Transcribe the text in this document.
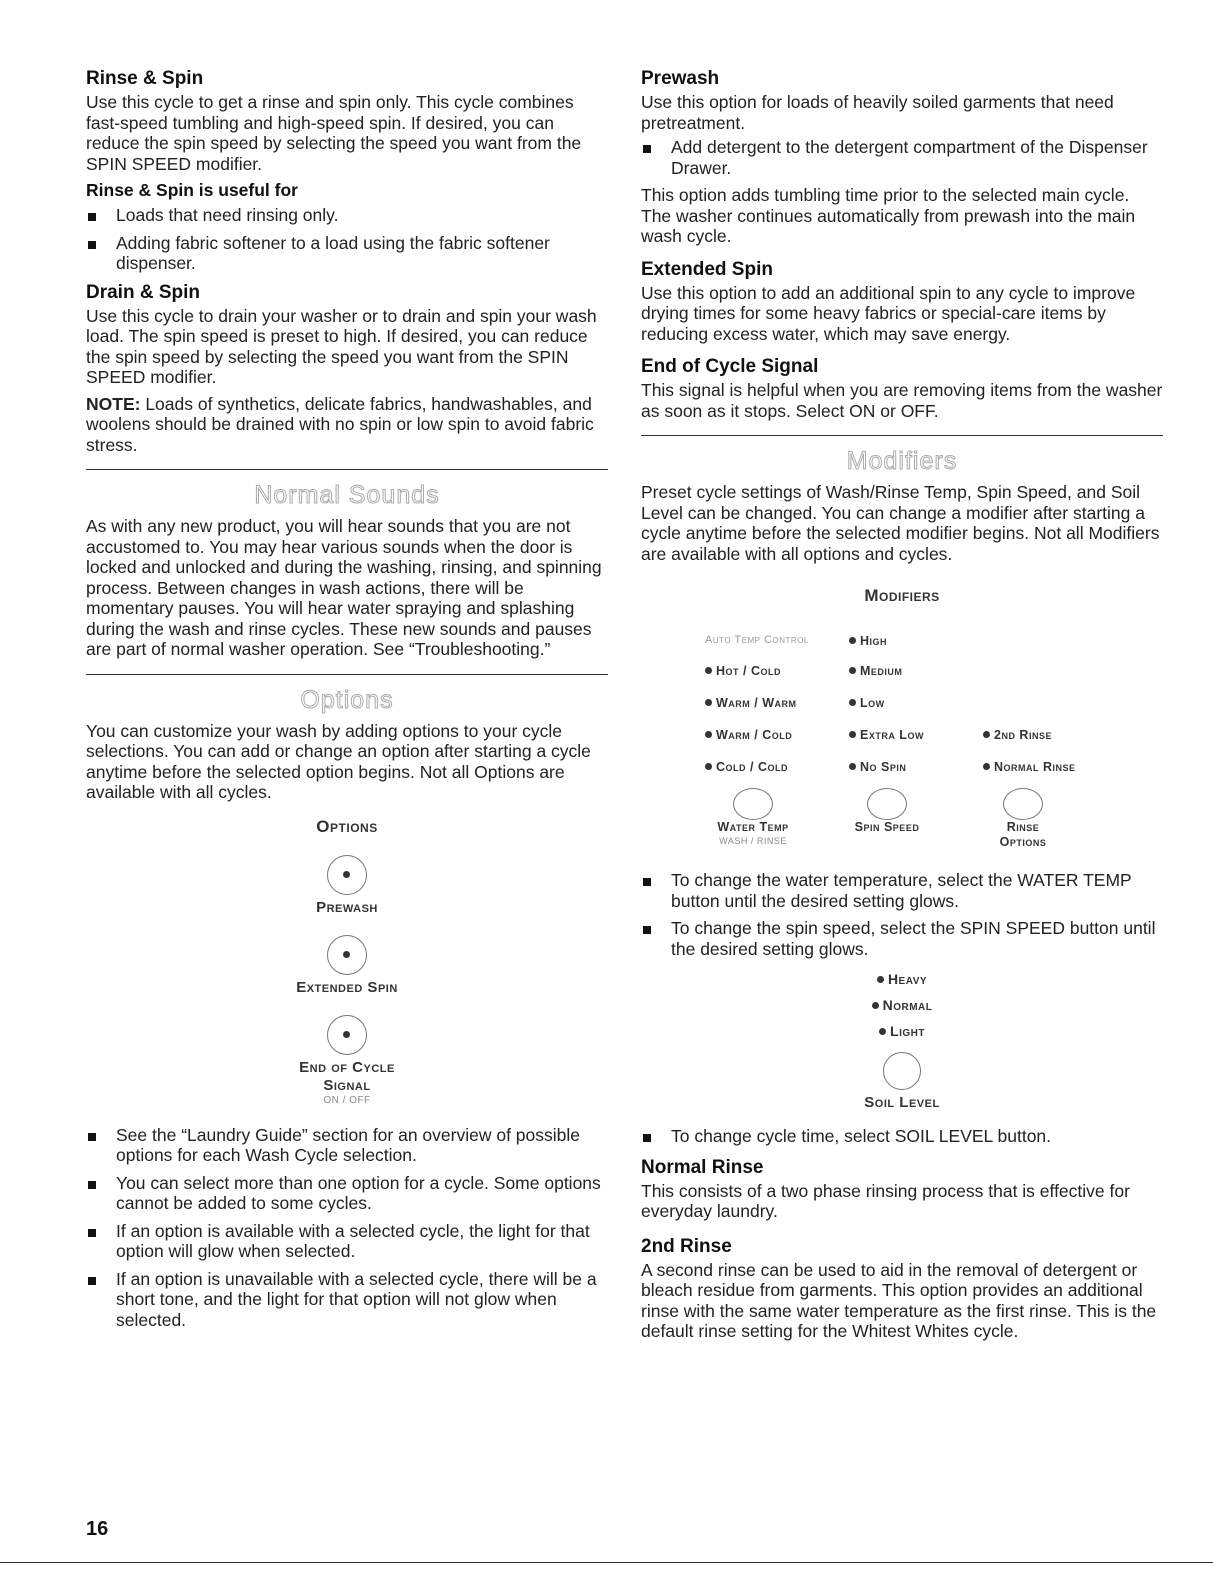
Rinse & Spin

Use this cycle to get a rinse and spin only. This cycle combines fast-speed tumbling and high-speed spin. If desired, you can reduce the spin speed by selecting the speed you want from the SPIN SPEED modifier.

Rinse & Spin is useful for
Loads that need rinsing only.
Adding fabric softener to a load using the fabric softener dispenser.
Drain & Spin

Use this cycle to drain your washer or to drain and spin your wash load. The spin speed is preset to high. If desired, you can reduce the spin speed by selecting the speed you want from the SPIN SPEED modifier.

NOTE: Loads of synthetics, delicate fabrics, handwashables, and woolens should be drained with no spin or low spin to avoid fabric stress.

Normal Sounds

As with any new product, you will hear sounds that you are not accustomed to. You may hear various sounds when the door is locked and unlocked and during the washing, rinsing, and spinning process. Between changes in wash actions, there will be momentary pauses. You will hear water spraying and splashing during the wash and rinse cycles. These new sounds and pauses are part of normal washer operation. See “Troubleshooting.”

Options

You can customize your wash by adding options to your cycle selections. You can add or change an option after starting a cycle anytime before the selected option begins. Not all Options are available with all cycles.

Options
Prewash
Extended Spin
End of Cycle
Signal
ON / OFF
See the “Laundry Guide” section for an overview of possible options for each Wash Cycle selection.
You can select more than one option for a cycle. Some options cannot be added to some cycles.
If an option is available with a selected cycle, the light for that option will glow when selected.
If an option is unavailable with a selected cycle, there will be a short tone, and the light for that option will not glow when selected.
Prewash

Use this option for loads of heavily soiled garments that need pretreatment.

Add detergent to the detergent compartment of the Dispenser Drawer.

This option adds tumbling time prior to the selected main cycle. The washer continues automatically from prewash into the main wash cycle.

Extended Spin

Use this option to add an additional spin to any cycle to improve drying times for some heavy fabrics or special-care items by reducing excess water, which may save energy.

End of Cycle Signal

This signal is helpful when you are removing items from the washer as soon as it stops. Select ON or OFF.

Modifiers

Preset cycle settings of Wash/Rinse Temp, Spin Speed, and Soil Level can be changed. You can change a modifier after starting a cycle anytime before the selected modifier begins. Not all Modifiers are available with all options and cycles.

Modifiers
Auto Temp Control
Hot / Cold
Warm / Warm
Warm / Cold
Cold / Cold
High
Medium
Low
Extra Low
No Spin
2nd Rinse
Normal Rinse
Water Temp
WASH / RINSE
Spin Speed	Rinse
Options
To change the water temperature, select the WATER TEMP button until the desired setting glows.
To change the spin speed, select the SPIN SPEED button until the desired setting glows.
Heavy
Normal
Light
Soil Level
To change cycle time, select SOIL LEVEL button.
Normal Rinse

This consists of a two phase rinsing process that is effective for everyday laundry.

2nd Rinse

A second rinse can be used to aid in the removal of detergent or bleach residue from garments. This option provides an additional rinse with the same water temperature as the first rinse. This is the default rinse setting for the Whitest Whites cycle.

16
